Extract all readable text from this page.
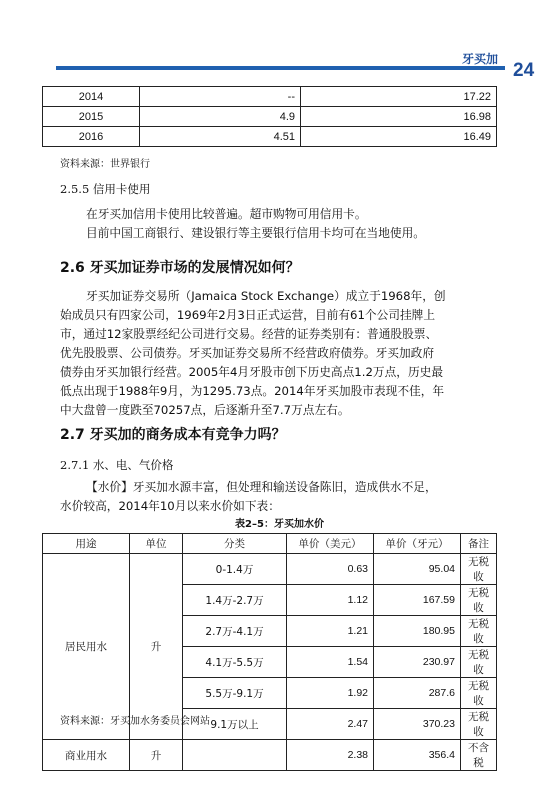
牙买加
24
2014	--	17.22
2015	4.9	16.98
2016	4.51	16.49
资料来源：世界银行
2.5.5 信用卡使用
在牙买加信用卡使用比较普遍。超市购物可用信用卡。
目前中国工商银行、建设银行等主要银行信用卡均可在当地使用。
2.6 牙买加证券市场的发展情况如何？
牙买加证券交易所（Jamaica Stock Exchange）成立于1968年，创
始成员只有四家公司，1969年2月3日正式运营，目前有61个公司挂牌上
市，通过12家股票经纪公司进行交易。经营的证券类别有：普通股股票、
优先股股票、公司债券。牙买加证券交易所不经营政府债券。牙买加政府
债券由牙买加银行经营。2005年4月牙股市创下历史高点1.2万点，历史最
低点出现于1988年9月，为1295.73点。2014年牙买加股市表现不佳，年
中大盘曾一度跌至70257点，后逐渐升至7.7万点左右。
2.7 牙买加的商务成本有竞争力吗？
2.7.1 水、电、气价格
【水价】牙买加水源丰富，但处理和输送设备陈旧，造成供水不足，
水价较高，2014年10月以来水价如下表：
表2–5：牙买加水价
用途	单位	分类	单价（美元）	单价（牙元）	备注
居民用水	升	0-1.4万	0.63	95.04	无税收
		1.4万-2.7万	1.12	167.59	无税收
		2.7万-4.1万	1.21	180.95	无税收
		4.1万-5.5万	1.54	230.97	无税收
		5.5万-9.1万	1.92	287.6	无税收
		9.1万以上	2.47	370.23	无税收
商业用水	升		2.38	356.4	不含税
资料来源：牙买加水务委员会网站
